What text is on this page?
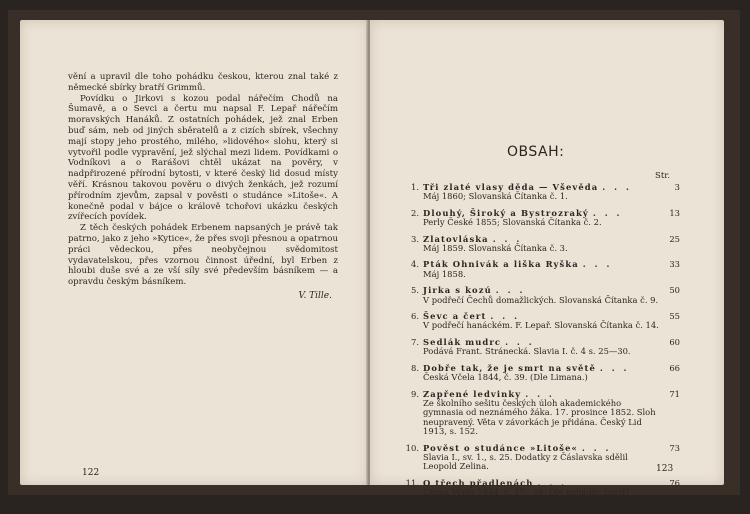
vění a upravil dle toho pohádku českou, kterou znal také z německé sbírky bratří Grimmů.

Povídku o Jirkovi s kozou podal nářečím Chodů na Šumavě, a o Sevci a čertu mu napsal F. Lepař nářečím moravských Hanáků. Z ostatních pohádek, jež znal Erben buď sám, neb od jiných sběratelů a z cizích sbírek, všechny mají stopy jeho prostého, milého, »lidového« slohu, který si vytvořil podle vypravění, jež slýchal mezi lidem. Povídkami o Vodníkovi a o Rarášovi chtěl ukázat na pověry, v nadpřirozené přírodní bytosti, v které český lid dosud místy věří. Krásnou takovou pověru o divých ženkách, jež rozumí přírodním zjevům, zapsal v pověsti o studánce »Litoše«. A konečně podal v bájce o králově tchořovi ukázku českých zvířecích povídek.

Z těch českých pohádek Erbenem napsaných je právě tak patrno, jako z jeho »Kytice«, že přes svoji přesnou a opatrnou práci vědeckou, přes neobyčejnou svědomitost vydavatelskou, přes vzornou činnost úřední, byl Erben z hloubi duše své a ze vší síly své především básníkem — a opravdu českým básníkem.

V. Tille.
122
OBSAH:
Str.
1. Tři zlaté vlasy děda — Vševěda . . .	3
Máj 1860; Slovanská Čítanka č. 1.
2. Dlouhý, Široký a Bystrozraký . . .	13
Perly České 1855; Slovanská Čítanka č. 2.
3. Zlatovláska . . .	25
Máj 1859. Slovanská Čítanka č. 3.
4. Pták Ohnivák a liška Ryška . . .	33
Máj 1858.
5. Jirka s kozú . . .	50
V podřečí Čechů domažlických. Slovanská Čítanka č. 9.
6. Ševc a čert . . .	55
V podřečí hanáckém. F. Lepař. Slovanská Čítanka č. 14.
7. Sedlák mudrc . . .	60
Podává Frant. Stránecká. Slavia I. č. 4 s. 25—30.
8. Dobře tak, že je smrt na světě . . .	66
Česká Včela 1844, č. 39. (Dle Limana.)
9. Zapřené ledvinky . . .	71
Ze školního sešitu českých úloh akademického gymnasia od neznámého žáka. 17. prosince 1852. Sloh neupravený. Věta v závorkách je přidána. Český Lid 1913, s. 152.
10. Pověst o studánce »Litoše« . . .	73
Slavia I., sv. 1., s. 25. Dodatky z Čáslavska sdělil Leopold Zelina.
11. O třech přadlenách . . .	76
Česká Včela 1844, č. 27., 28. Dle pohádky bratří Grimmů č. 14.
123
